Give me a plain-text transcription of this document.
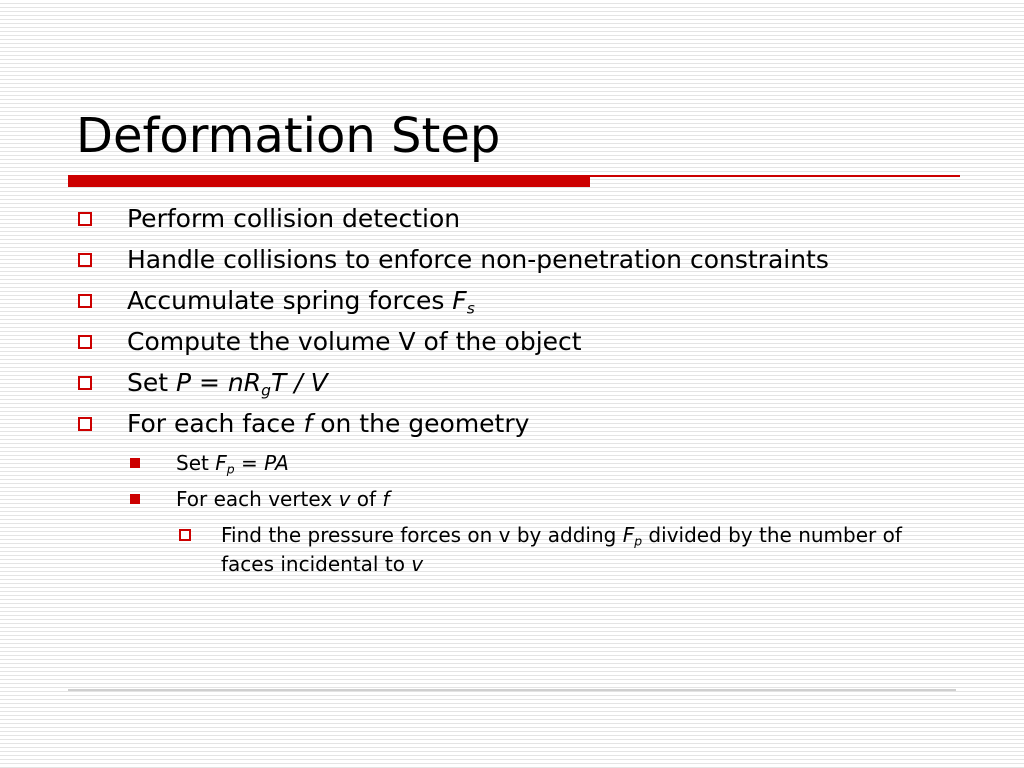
Deformation Step
Perform collision detection
Handle collisions to enforce non-penetration constraints
Accumulate spring forces $F_s$
Compute the volume V of the object
Set $P = nR_gT / V$
For each face f on the geometry
Set $F_p$ = PA
For each vertex v of f
Find the pressure forces on v by adding $F_p$ divided by the number of faces incidental to v
